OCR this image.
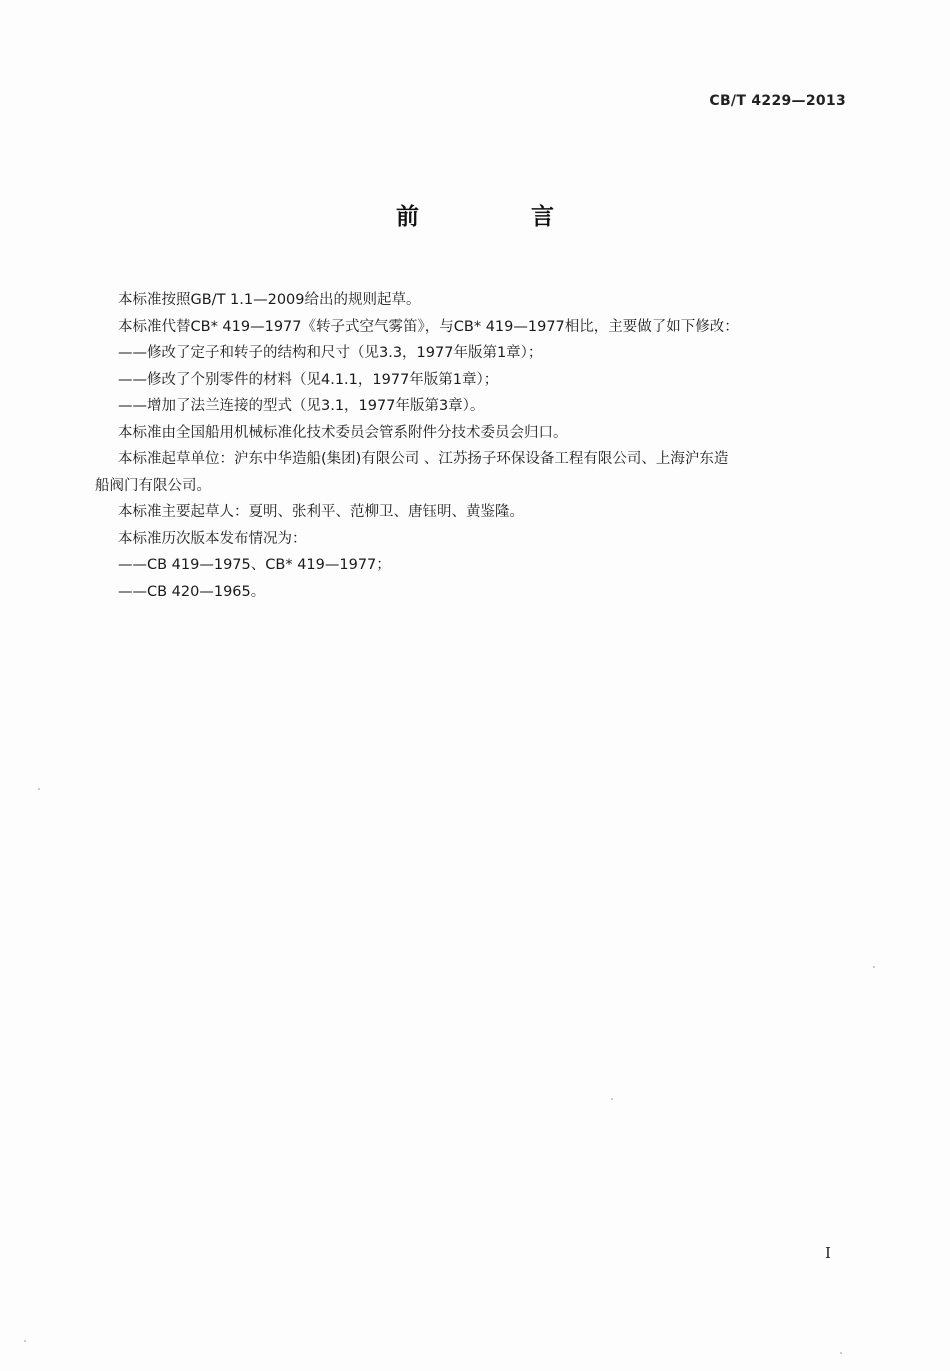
CB/T 4229—2013
前 言

本标准按照GB/T 1.1—2009给出的规则起草。

本标准代替CB* 419—1977《转子式空气雾笛》，与CB* 419—1977相比，主要做了如下修改：

——修改了定子和转子的结构和尺寸（见3.3，1977年版第1章）；

——修改了个别零件的材料（见4.1.1，1977年版第1章）；

——增加了法兰连接的型式（见3.1，1977年版第3章）。

本标准由全国船用机械标准化技术委员会管系附件分技术委员会归口。

本标准起草单位：沪东中华造船(集团)有限公司 、江苏扬子环保设备工程有限公司、上海沪东造

船阀门有限公司。

本标准主要起草人：夏明、张利平、范柳卫、唐钰明、黄鉴隆。

本标准历次版本发布情况为：

——CB 419—1975、CB* 419—1977；

——CB 420—1965。

I
